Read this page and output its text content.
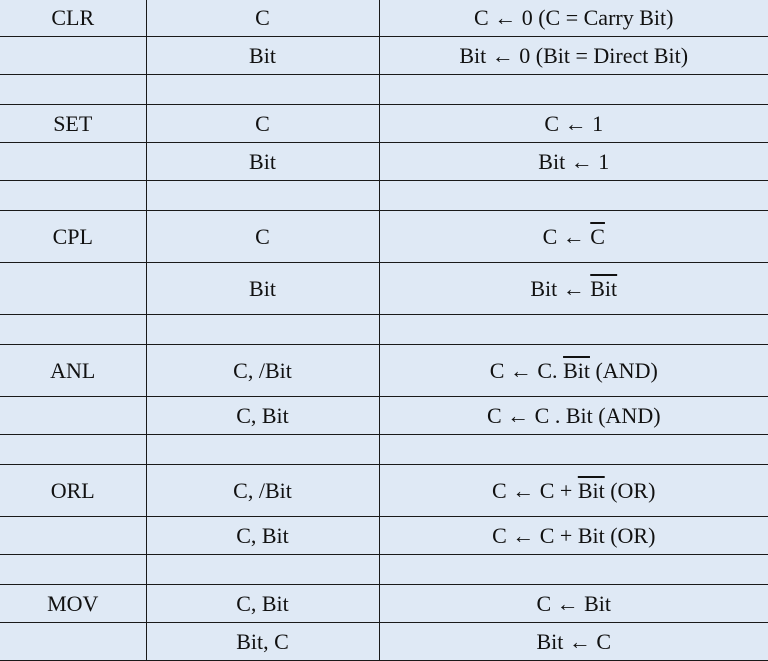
CLR	C	C ← 0 (C = Carry Bit)
	Bit	Bit ← 0 (Bit = Direct Bit)

SET	C	C ← 1
	Bit	Bit ← 1

CPL	C	C ← $\overline{C}$
	Bit	Bit ← $\overline{Bit}$

ANL	C, /Bit	C ← C. $\overline{Bit}$ (AND)
	C, Bit	C ← C . Bit (AND)

ORL	C, /Bit	C ← $C + \overline{Bit}$ (OR)
	C, Bit	C ← C + Bit (OR)

MOV	C, Bit	C ← Bit
	Bit, C	Bit ← C
